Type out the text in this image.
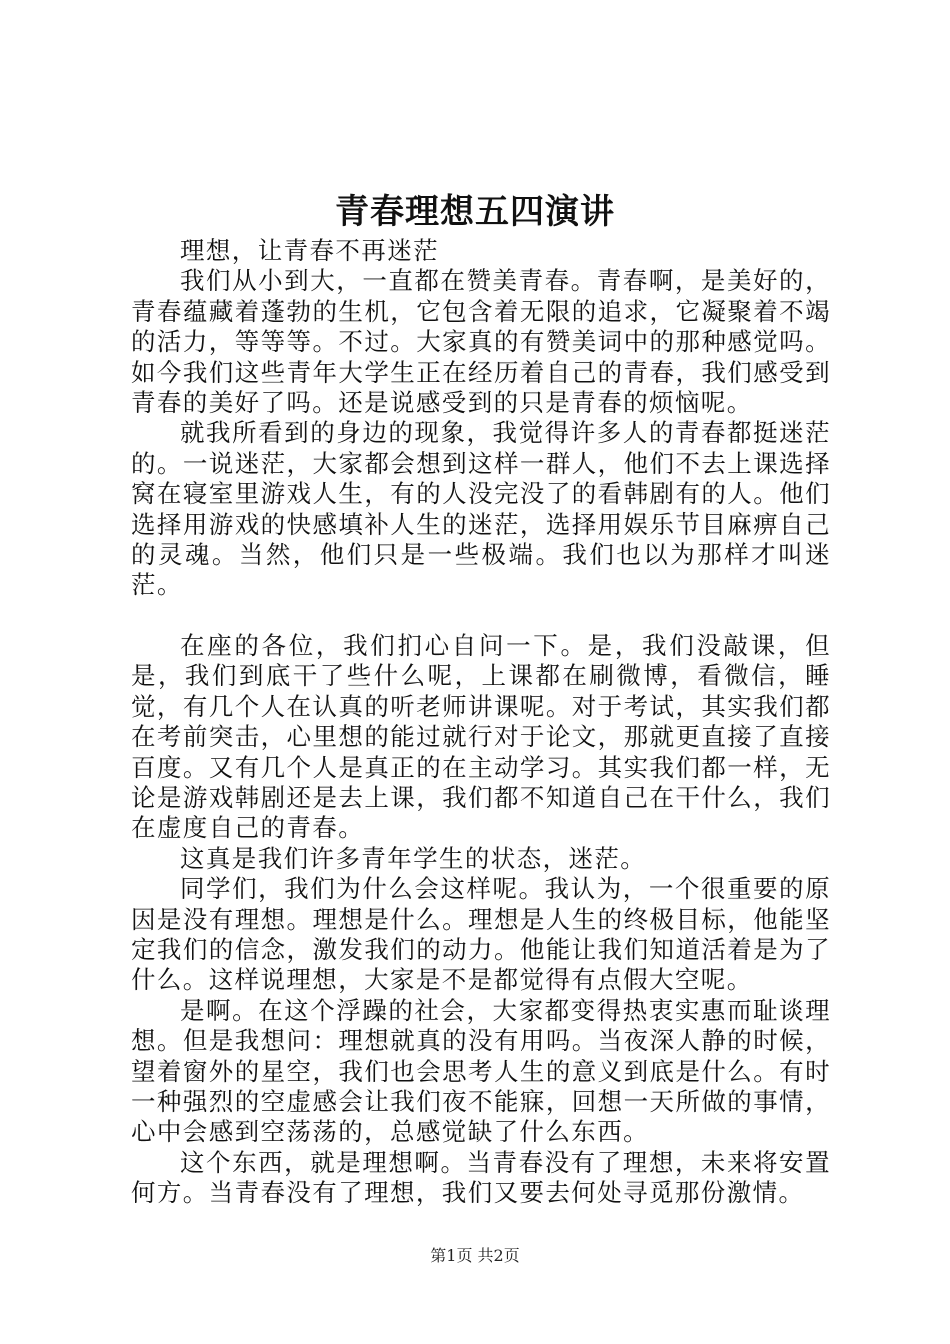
青春理想五四演讲

理想，让青春不再迷茫

我们从小到大，一直都在赞美青春。青春啊，是美好的，青春蕴藏着蓬勃的生机，它包含着无限的追求，它凝聚着不竭的活力，等等等。不过。大家真的有赞美词中的那种感觉吗。如今我们这些青年大学生正在经历着自己的青春，我们感受到青春的美好了吗。还是说感受到的只是青春的烦恼呢。

就我所看到的身边的现象，我觉得许多人的青春都挺迷茫的。一说迷茫，大家都会想到这样一群人，他们不去上课选择窝在寝室里游戏人生，有的人没完没了的看韩剧有的人。他们选择用游戏的快感填补人生的迷茫，选择用娱乐节目麻痹自己的灵魂。当然，他们只是一些极端。我们也以为那样才叫迷茫。

在座的各位，我们扪心自问一下。是，我们没敲课，但是，我们到底干了些什么呢，上课都在刷微博，看微信，睡觉，有几个人在认真的听老师讲课呢。对于考试，其实我们都在考前突击，心里想的能过就行对于论文，那就更直接了直接百度。又有几个人是真正的在主动学习。其实我们都一样，无论是游戏韩剧还是去上课，我们都不知道自己在干什么，我们在虚度自己的青春。

这真是我们许多青年学生的状态，迷茫。

同学们，我们为什么会这样呢。我认为，一个很重要的原因是没有理想。理想是什么。理想是人生的终极目标，他能坚定我们的信念，激发我们的动力。他能让我们知道活着是为了什么。这样说理想，大家是不是都觉得有点假大空呢。

是啊。在这个浮躁的社会，大家都变得热衷实惠而耻谈理想。但是我想问：理想就真的没有用吗。当夜深人静的时候，望着窗外的星空，我们也会思考人生的意义到底是什么。有时一种强烈的空虚感会让我们夜不能寐，回想一天所做的事情，心中会感到空荡荡的，总感觉缺了什么东西。

这个东西，就是理想啊。当青春没有了理想，未来将安置何方。当青春没有了理想，我们又要去何处寻觅那份激情。

第1页 共2页
